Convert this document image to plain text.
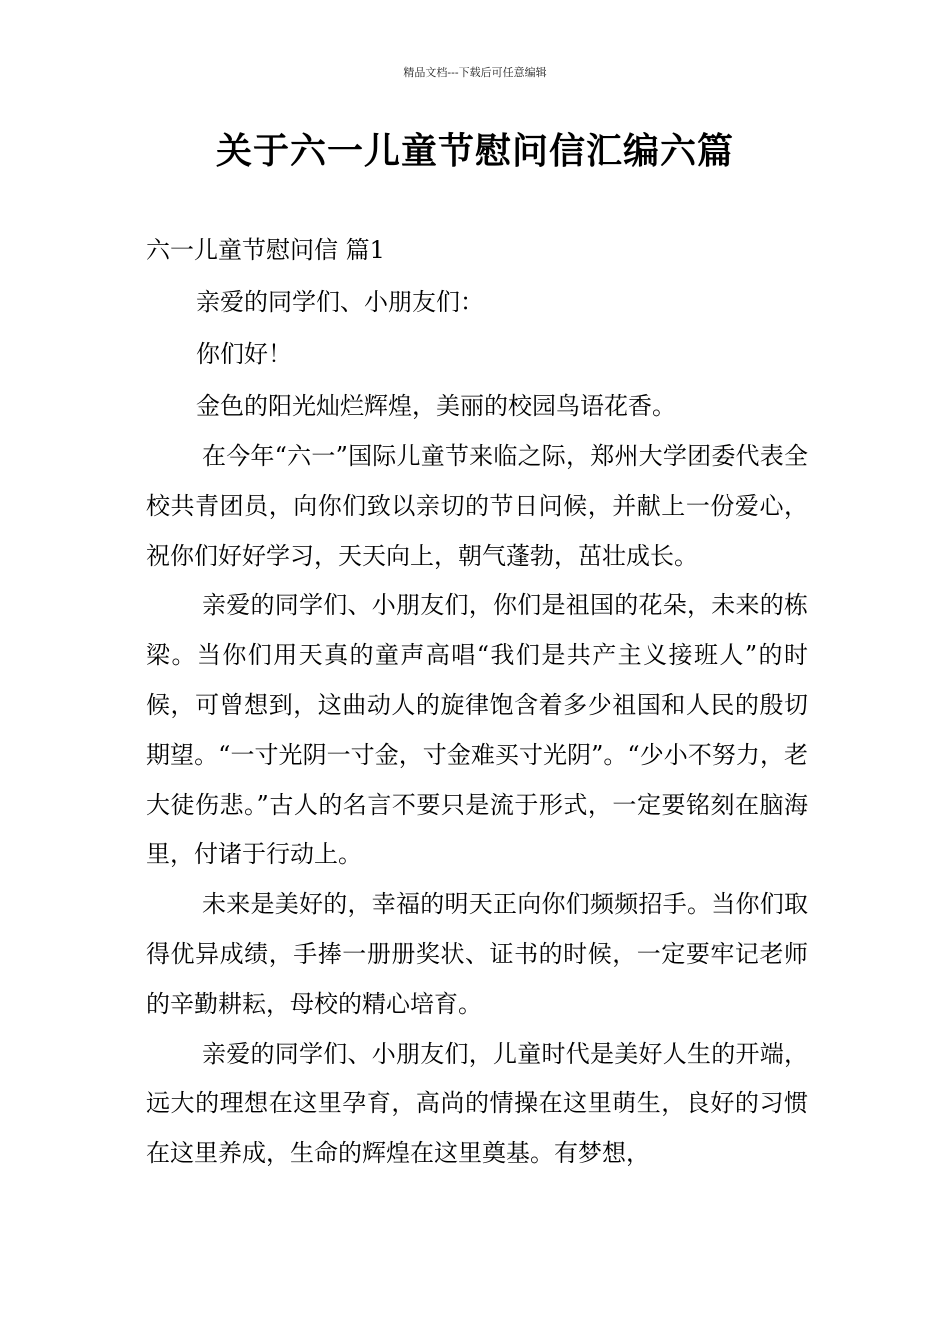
精品文档---下载后可任意编辑
关于六一儿童节慰问信汇编六篇
六一儿童节慰问信 篇1

亲爱的同学们、小朋友们：

你们好！

金色的阳光灿烂辉煌，美丽的校园鸟语花香。

在今年“六一”国际儿童节来临之际，郑州大学团委代表全校共青团员，向你们致以亲切的节日问候，并献上一份爱心，祝你们好好学习，天天向上，朝气蓬勃，茁壮成长。

亲爱的同学们、小朋友们，你们是祖国的花朵，未来的栋梁。当你们用天真的童声高唱“我们是共产主义接班人”的时候，可曾想到，这曲动人的旋律饱含着多少祖国和人民的殷切期望。“一寸光阴一寸金，寸金难买寸光阴”。“少小不努力，老大徒伤悲。”古人的名言不要只是流于形式，一定要铭刻在脑海里，付诸于行动上。

未来是美好的，幸福的明天正向你们频频招手。当你们取得优异成绩，手捧一册册奖状、证书的时候，一定要牢记老师的辛勤耕耘，母校的精心培育。

亲爱的同学们、小朋友们，儿童时代是美好人生的开端，远大的理想在这里孕育，高尚的情操在这里萌生，良好的习惯在这里养成，生命的辉煌在这里奠基。有梦想，
